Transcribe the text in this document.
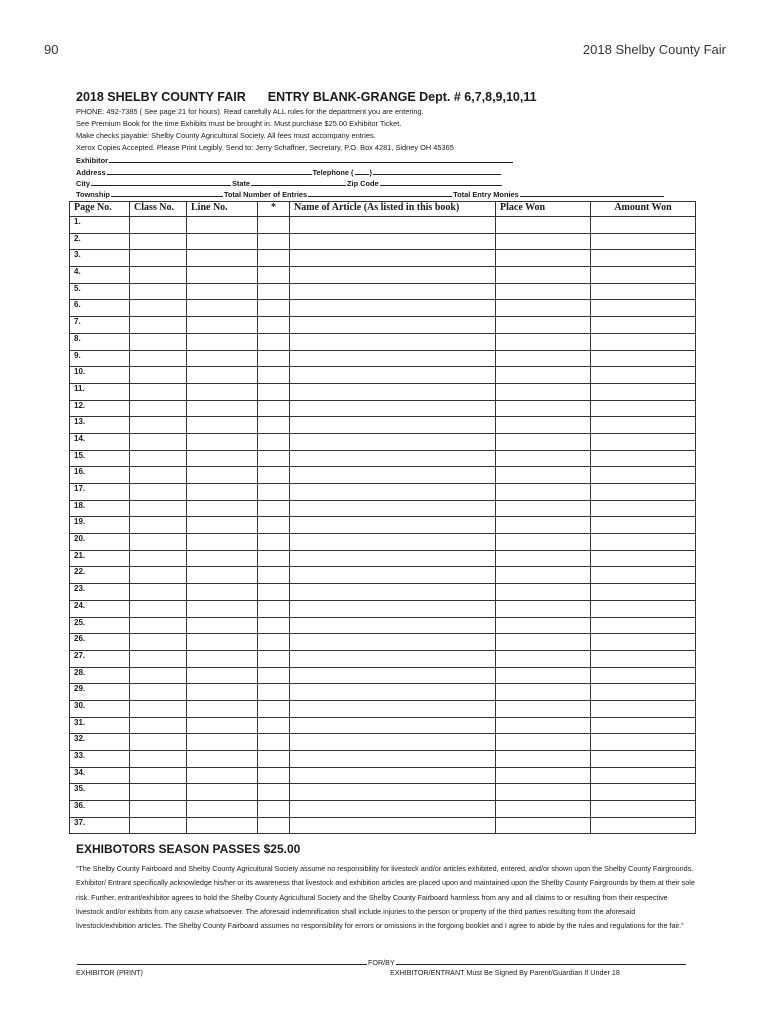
90	2018 Shelby County Fair
2018 SHELBY COUNTY FAIR ENTRY BLANK-GRANGE Dept. # 6,7,8,9,10,11
PHONE: 492-7385 ( See page 21 for hours). Read carefully ALL rules for the department you are entering.
See Premium Book for the time Exhibits must be brought in. Must purchase $25.00 Exhibitor Ticket.
Make checks payable: Shelby County Agricultural Society. All fees must accompany entries.
Xerox Copies Accepted. Please Print Legibly. Send to: Jerry Schaffner, Secretary, P.O. Box 4281, Sidney OH 45365
Exhibitor
Address	Telephone ( )
City	State	Zip Code
Township	Total Number of Entries	Total Entry Monies
Page No.	Class No.	Line No.	*	Name of Article (As listed in this book)	Place Won	Amount Won
1.						
2.						
3.						
4.						
5.						
6.						
7.						
8.						
9.						
10.						
11.						
12.						
13.						
14.						
15.						
16.						
17.						
18.						
19.						
20.						
21.						
22.						
23.						
24.						
25.						
26.						
27.						
28.						
29.						
30.						
31.						
32.						
33.						
34.						
35.						
36.						
37.						
EXHIBOTORS SEASON PASSES $25.00
“The Shelby County Fairboard and Shelby County Agricultural Society assume no responsibility for livestock and/or articles exhibited, entered, and/or shown upon the Shelby County Fairgrounds. Exhibitor/ Entrant specifically acknowledge his/her or its awareness that livestock and exhibition articles are placed upon and maintained upon the Shelby County Fairgrounds by them at their sole risk. Further, entrant/exhibitor agrees to hold the Shelby County Agricultural Society and the Shelby County Fairboard harmless from any and all claims to or resulting from their respective livestock and/or exhibits from any cause whatsoever. The aforesaid indemnification shall include injuries to the person or property of the third parties resulting from the aforesaid livestock/exhibition articles. The Shelby County Fairboard assumes no responsibility for errors or omissions in the forgoing booklet and I agree to abide by the rules and regulations for the fair.”
FOR/BY
EXHIBITOR (PRINT)	EXHIBITOR/ENTRANT Must Be Signed By Parent/Guardian If Under 18
